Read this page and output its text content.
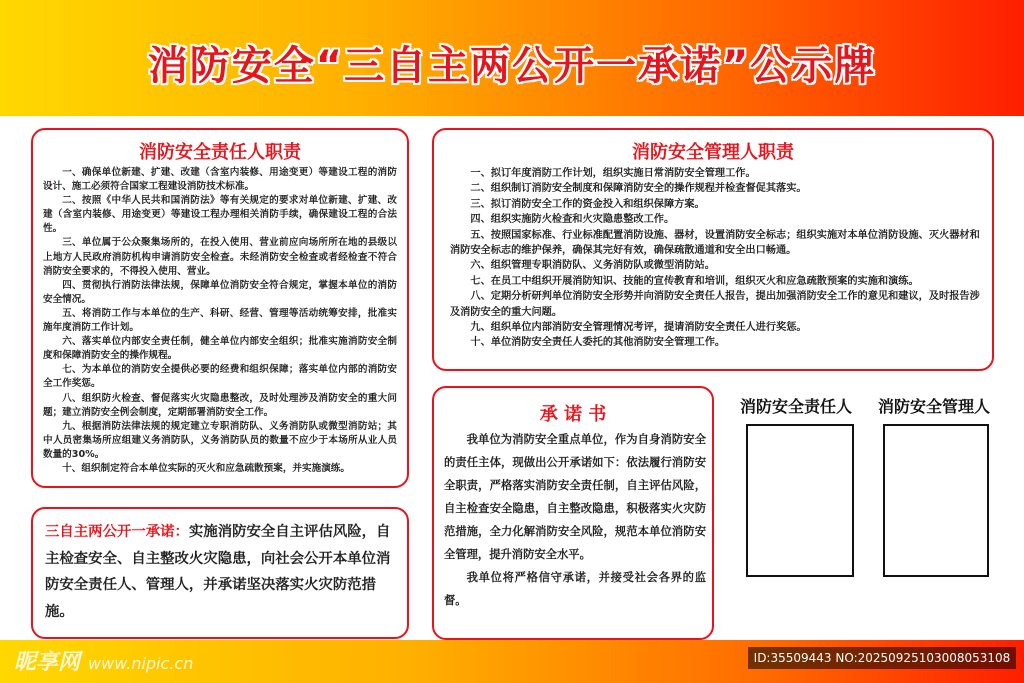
消防安全“三自主两公开一承诺”公示牌
消防安全责任人职责

一、确保单位新建、扩建、改建（含室内装修、用途变更）等建设工程的消防设计、施工必须符合国家工程建设消防技术标准。

二、按照《中华人民共和国消防法》等有关规定的要求对单位新建、扩建、改建（含室内装修、用途变更）等建设工程办理相关消防手续，确保建设工程的合法性。

三、单位属于公众聚集场所的，在投入使用、营业前应向场所所在地的县级以上地方人民政府消防机构申请消防安全检查。未经消防安全检查或者经检查不符合消防安全要求的，不得投入使用、营业。

四、贯彻执行消防法律法规，保障单位消防安全符合规定，掌握本单位的消防安全情况。

五、将消防工作与本单位的生产、科研、经营、管理等活动统筹安排，批准实施年度消防工作计划。

六、落实单位内部安全责任制，健全单位内部安全组织；批准实施消防安全制度和保障消防安全的操作规程。

七、为本单位的消防安全提供必要的经费和组织保障；落实单位内部的消防安全工作奖惩。

八、组织防火检查、督促落实火灾隐患整改，及时处理涉及消防安全的重大问题；建立消防安全例会制度，定期部署消防安全工作。

九、根据消防法律法规的规定建立专职消防队、义务消防队或微型消防站；其中人员密集场所应组建义务消防队，义务消防队员的数量不应少于本场所从业人员数量的30%。

十、组织制定符合本单位实际的灭火和应急疏散预案，并实施演练。

消防安全管理人职责

一、拟订年度消防工作计划，组织实施日常消防安全管理工作。

二、组织制订消防安全制度和保障消防安全的操作规程并检查督促其落实。

三、拟订消防安全工作的资金投入和组织保障方案。

四、组织实施防火检查和火灾隐患整改工作。

五、按照国家标准、行业标准配置消防设施、器材，设置消防安全标志；组织实施对本单位消防设施、灭火器材和消防安全标志的维护保养，确保其完好有效，确保疏散通道和安全出口畅通。

六、组织管理专职消防队、义务消防队或微型消防站。

七、在员工中组织开展消防知识、技能的宣传教育和培训，组织灭火和应急疏散预案的实施和演练。

八、定期分析研判单位消防安全形势并向消防安全责任人报告，提出加强消防安全工作的意见和建议，及时报告涉及消防安全的重大问题。

九、组织单位内部消防安全管理情况考评，提请消防安全责任人进行奖惩。

十、单位消防安全责任人委托的其他消防安全管理工作。

三自主两公开一承诺：实施消防安全自主评估风险，自主检查安全、自主整改火灾隐患，向社会公开本单位消防安全责任人、管理人，并承诺坚决落实火灾防范措施。
承 诺 书

我单位为消防安全重点单位，作为自身消防安全的责任主体，现做出公开承诺如下：依法履行消防安全职责，严格落实消防安全责任制，自主评估风险，自主检查安全隐患，自主整改隐患，积极落实火灾防范措施，全力化解消防安全风险，规范本单位消防安全管理，提升消防安全水平。

我单位将严格信守承诺，并接受社会各界的监督。

消防安全责任人 消防安全管理人
昵享网 www.nipic.cn	ID:35509443 NO:20250925103008053108
